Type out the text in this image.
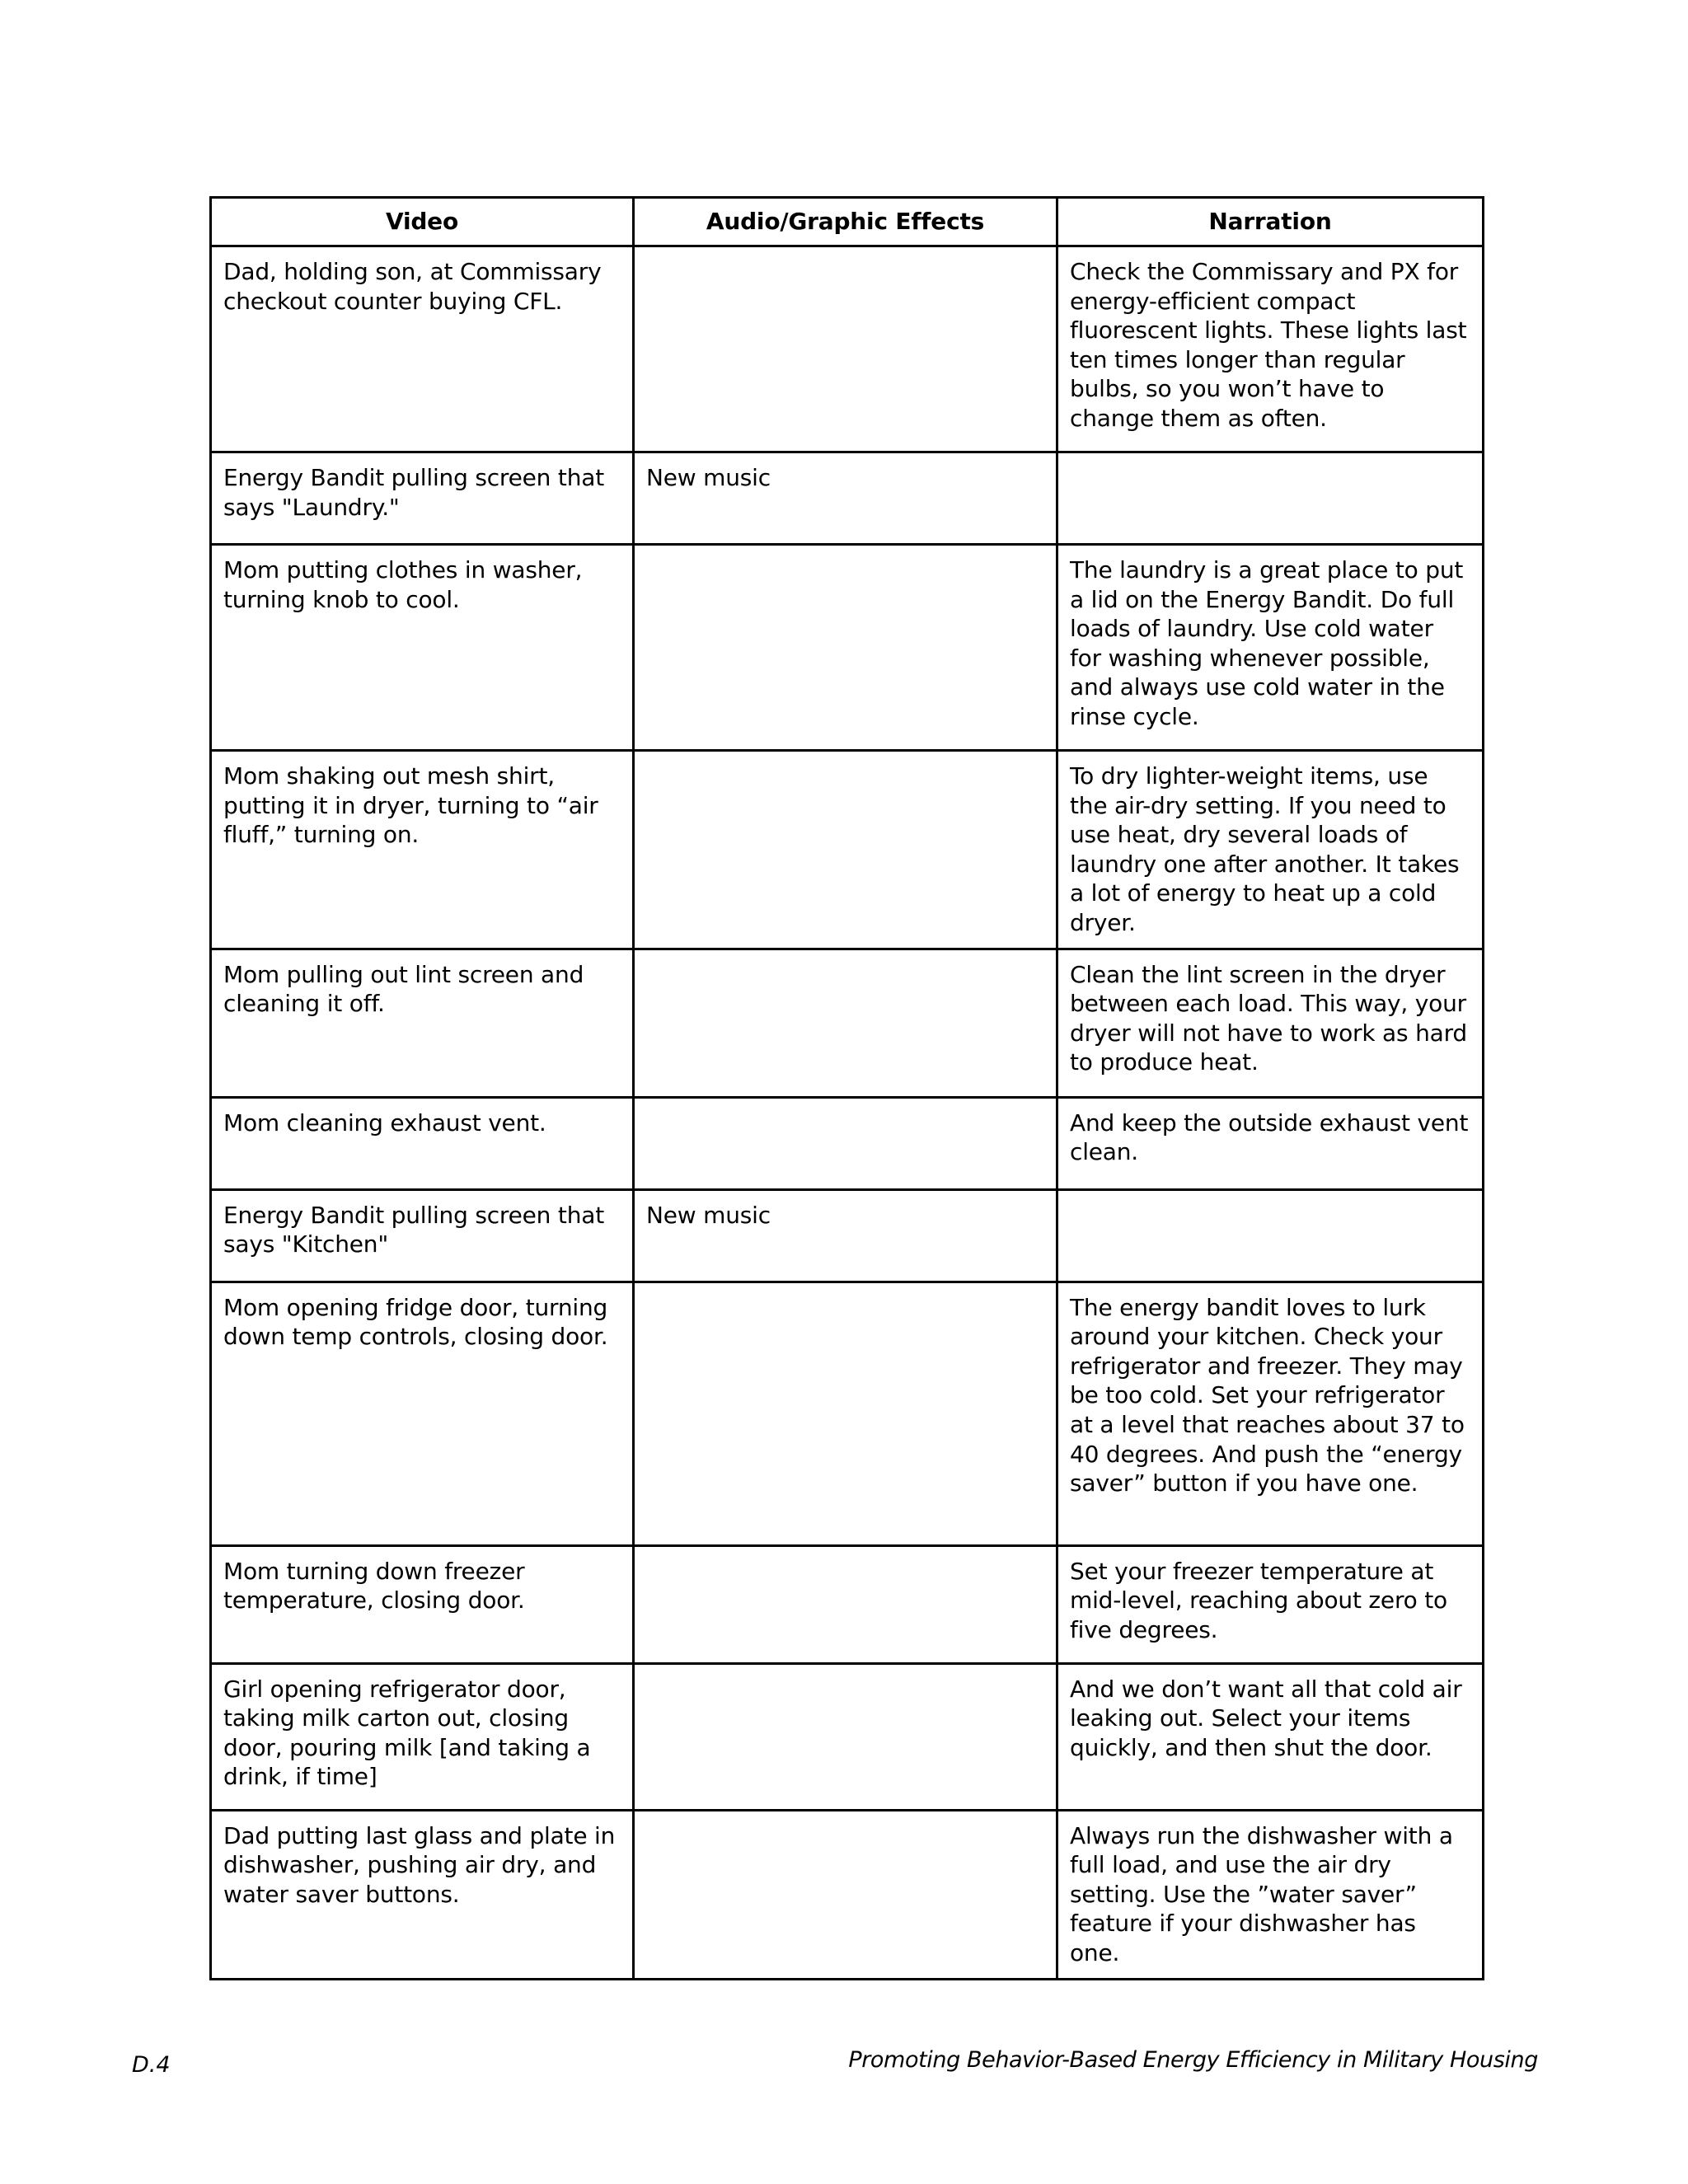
Video	Audio/Graphic Effects	Narration
Dad, holding son, at Commissary checkout counter buying CFL.		Check the Commissary and PX for energy-efficient compact fluorescent lights. These lights last ten times longer than regular bulbs, so you won’t have to change them as often.
Energy Bandit pulling screen that says "Laundry."	New music	
Mom putting clothes in washer, turning knob to cool.		The laundry is a great place to put a lid on the Energy Bandit. Do full loads of laundry. Use cold water for washing whenever possible, and always use cold water in the rinse cycle.
Mom shaking out mesh shirt, putting it in dryer, turning to “air fluff,” turning on.		To dry lighter-weight items, use the air-dry setting. If you need to use heat, dry several loads of laundry one after another. It takes a lot of energy to heat up a cold dryer.
Mom pulling out lint screen and cleaning it off.		Clean the lint screen in the dryer between each load. This way, your dryer will not have to work as hard to produce heat.
Mom cleaning exhaust vent.		And keep the outside exhaust vent clean.
Energy Bandit pulling screen that says "Kitchen"	New music	
Mom opening fridge door, turning down temp controls, closing door.		The energy bandit loves to lurk around your kitchen. Check your refrigerator and freezer. They may be too cold. Set your refrigerator at a level that reaches about 37 to 40 degrees. And push the “energy saver” button if you have one.
Mom turning down freezer temperature, closing door.		Set your freezer temperature at mid-level, reaching about zero to five degrees.
Girl opening refrigerator door, taking milk carton out, closing door, pouring milk [and taking a drink, if time]		And we don’t want all that cold air leaking out. Select your items quickly, and then shut the door.
Dad putting last glass and plate in dishwasher, pushing air dry, and water saver buttons.		Always run the dishwasher with a full load, and use the air dry setting. Use the ”water saver” feature if your dishwasher has one.
D.4	Promoting Behavior-Based Energy Efficiency in Military Housing
